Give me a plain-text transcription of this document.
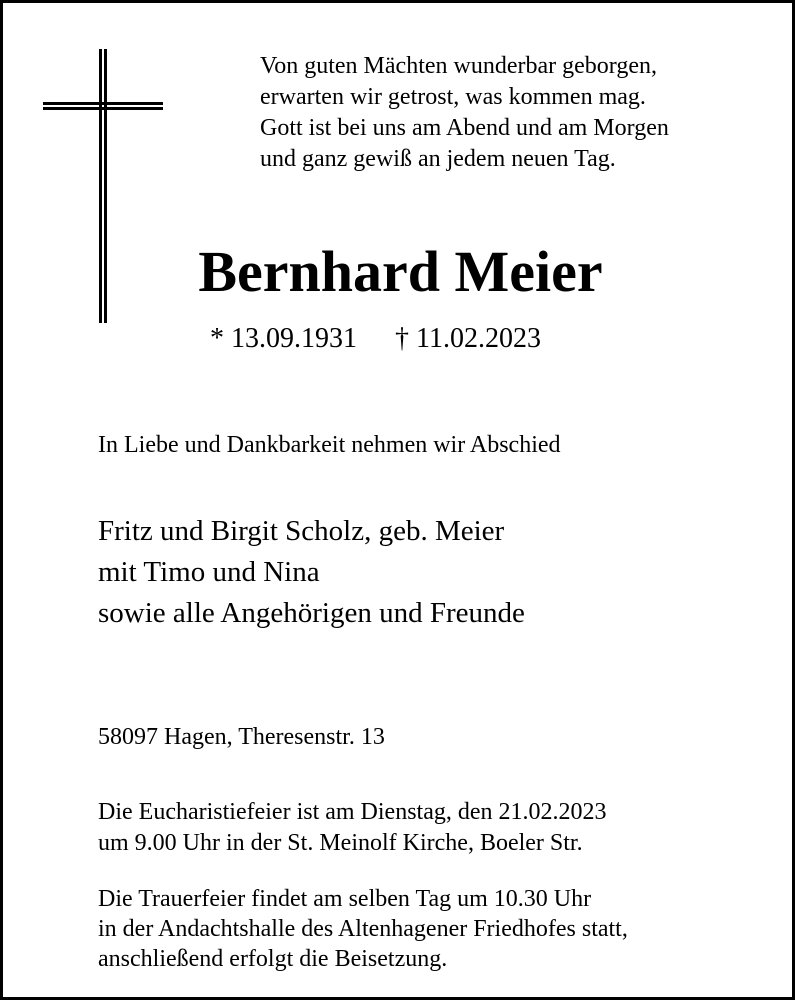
Von guten Mächten wunderbar geborgen,
erwarten wir getrost, was kommen mag.
Gott ist bei uns am Abend und am Morgen
und ganz gewiß an jedem neuen Tag.
Bernhard Meier
* 13.09.1931 † 11.02.2023
In Liebe und Dankbarkeit nehmen wir Abschied
Fritz und Birgit Scholz, geb. Meier
mit Timo und Nina
sowie alle Angehörigen und Freunde
58097 Hagen, Theresenstr. 13
Die Eucharistiefeier ist am Dienstag, den 21.02.2023
um 9.00 Uhr in der St. Meinolf Kirche, Boeler Str.
Die Trauerfeier findet am selben Tag um 10.30 Uhr
in der Andachtshalle des Altenhagener Friedhofes statt,
anschließend erfolgt die Beisetzung.
